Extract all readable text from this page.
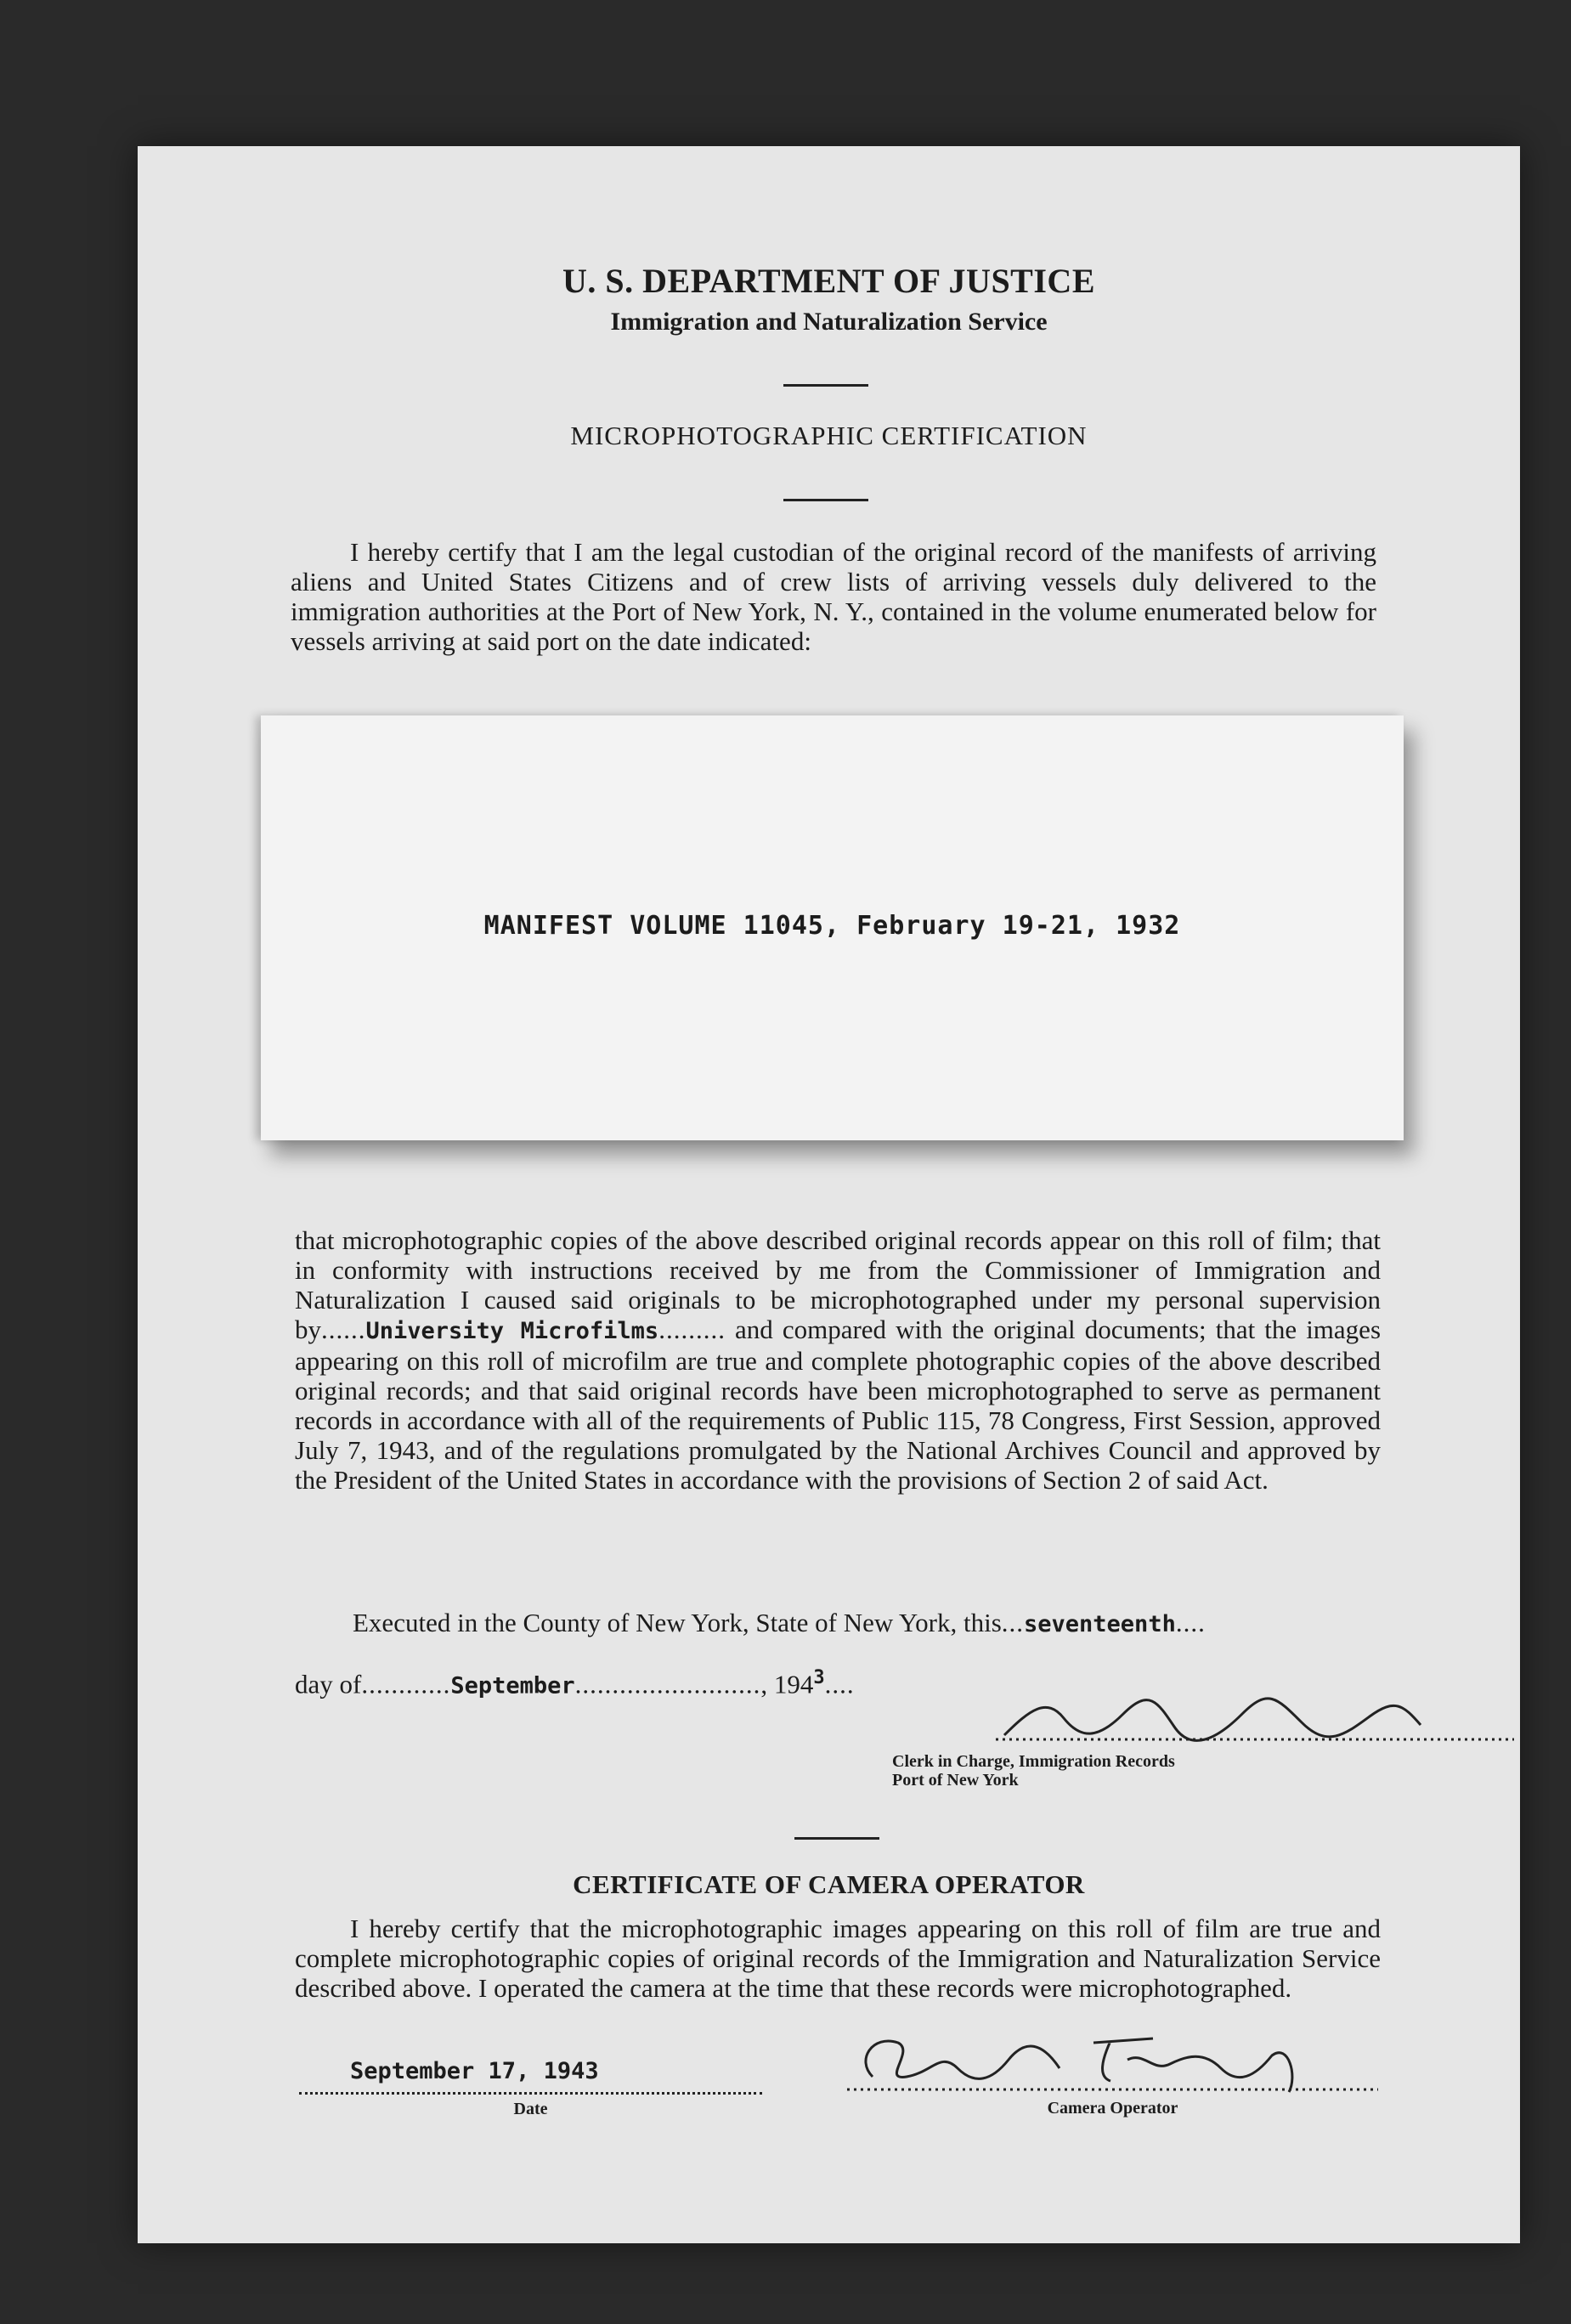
U. S. DEPARTMENT OF JUSTICE
Immigration and Naturalization Service
MICROPHOTOGRAPHIC CERTIFICATION
I hereby certify that I am the legal custodian of the original record of the manifests of arriving aliens and United States Citizens and of crew lists of arriving vessels duly delivered to the immigration authorities at the Port of New York, N. Y., contained in the volume enumerated below for vessels arriving at said port on the date indicated:
MANIFEST VOLUME 11045, February 19-21, 1932
that microphotographic copies of the above described original records appear on this roll of film; that in conformity with instructions received by me from the Commissioner of Immigration and Naturalization I caused said originals to be microphotographed under my personal supervision by......University Microfilms......... and compared with the original documents; that the images appearing on this roll of microfilm are true and complete photographic copies of the above described original records; and that said original records have been microphotographed to serve as permanent records in accordance with all of the requirements of Public 115, 78 Congress, First Session, approved July 7, 1943, and of the regulations promulgated by the National Archives Council and approved by the President of the United States in accordance with the provisions of Section 2 of said Act.
Executed in the County of New York, State of New York, this...seventeenth....
day of............September........................., $194^3$....
Clerk in Charge, Immigration Records
Port of New York
CERTIFICATE OF CAMERA OPERATOR
I hereby certify that the microphotographic images appearing on this roll of film are true and complete microphotographic copies of original records of the Immigration and Naturalization Service described above. I operated the camera at the time that these records were microphotographed.
September 17, 1943
Date	Camera Operator
